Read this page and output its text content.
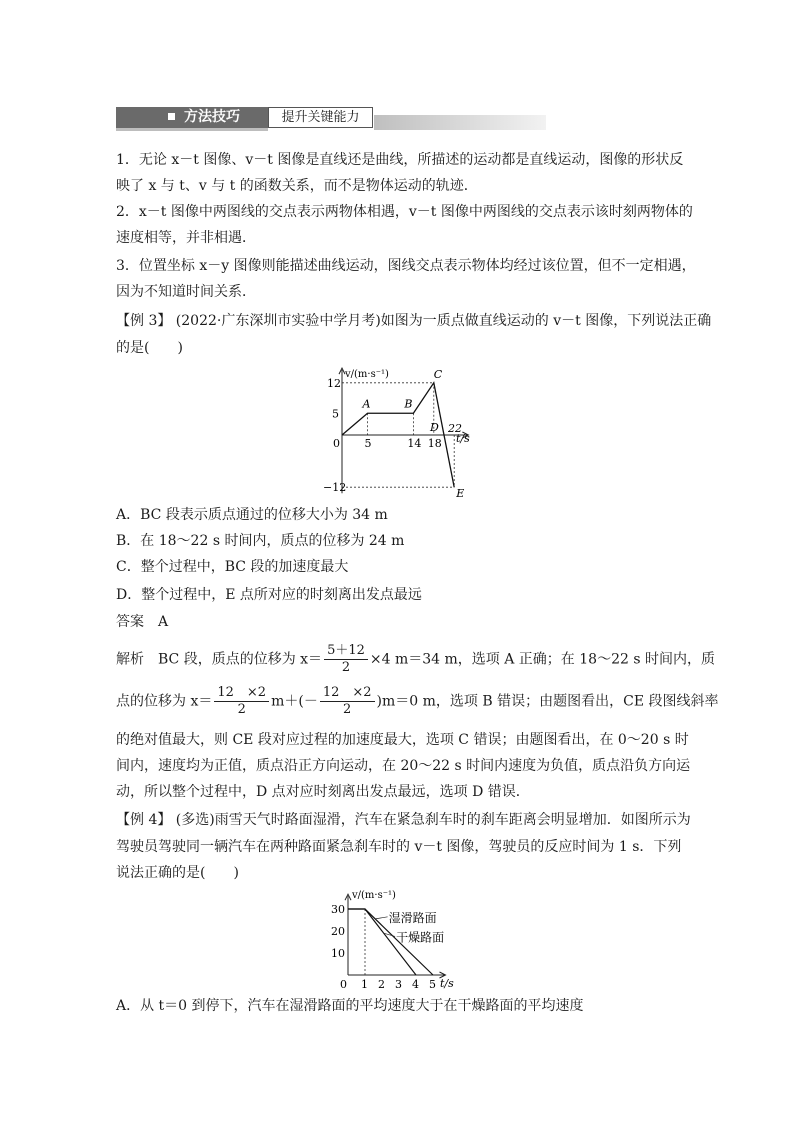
方法技巧	提升关键能力
1．无论 x－t 图像、v－t 图像是直线还是曲线，所描述的运动都是直线运动，图像的形状反
映了 x 与 t、v 与 t 的函数关系，而不是物体运动的轨迹．
2．x－t 图像中两图线的交点表示两物体相遇，v－t 图像中两图线的交点表示该时刻两物体的
速度相等，并非相遇．
3．位置坐标 x－y 图像则能描述曲线运动，图线交点表示物体均经过该位置，但不一定相遇，
因为不知道时间关系．
【例 3】 (2022·广东深圳市实验中学月考)如图为一质点做直线运动的 v－t 图像，下列说法正确
的是(　　)
v/(m·s⁻¹)
t/s
0 5	14 18
22
12
5
−12
A	B
C
D
E
A．BC 段表示质点通过的位移大小为 34 m
B．在 18～22 s 时间内，质点的位移为 24 m
C．整个过程中，BC 段的加速度最大
D．整个过程中，E 点所对应的时刻离出发点最远
答案　A
解析　BC 段，质点的位移为 $x= \frac{5+12}{2} \times 4$ m＝34 m，选项 A 正确；在 18～22 s 时间内，质
点的位移为 $x= \frac{12 \times 2}{2} m+(- \frac{12 \times 2}{2} )m=0$ m，选项 B 错误；由题图看出，CE 段图线斜率
的绝对值最大，则 CE 段对应过程的加速度最大，选项 C 错误；由题图看出，在 0～20 s 时
间内，速度均为正值，质点沿正方向运动，在 20～22 s 时间内速度为负值，质点沿负方向运
动，所以整个过程中，D 点对应时刻离出发点最远，选项 D 错误．
【例 4】 (多选)雨雪天气时路面湿滑，汽车在紧急刹车时的刹车距离会明显增加．如图所示为
驾驶员驾驶同一辆汽车在两种路面紧急刹车时的 v－t 图像，驾驶员的反应时间为 1 s．下列
说法正确的是(　　)
v/(m·s⁻¹)
t/s
0 1 2 3 4 5
30
20
10
湿滑路面
干燥路面
A．从 t＝0 到停下，汽车在湿滑路面的平均速度大于在干燥路面的平均速度
